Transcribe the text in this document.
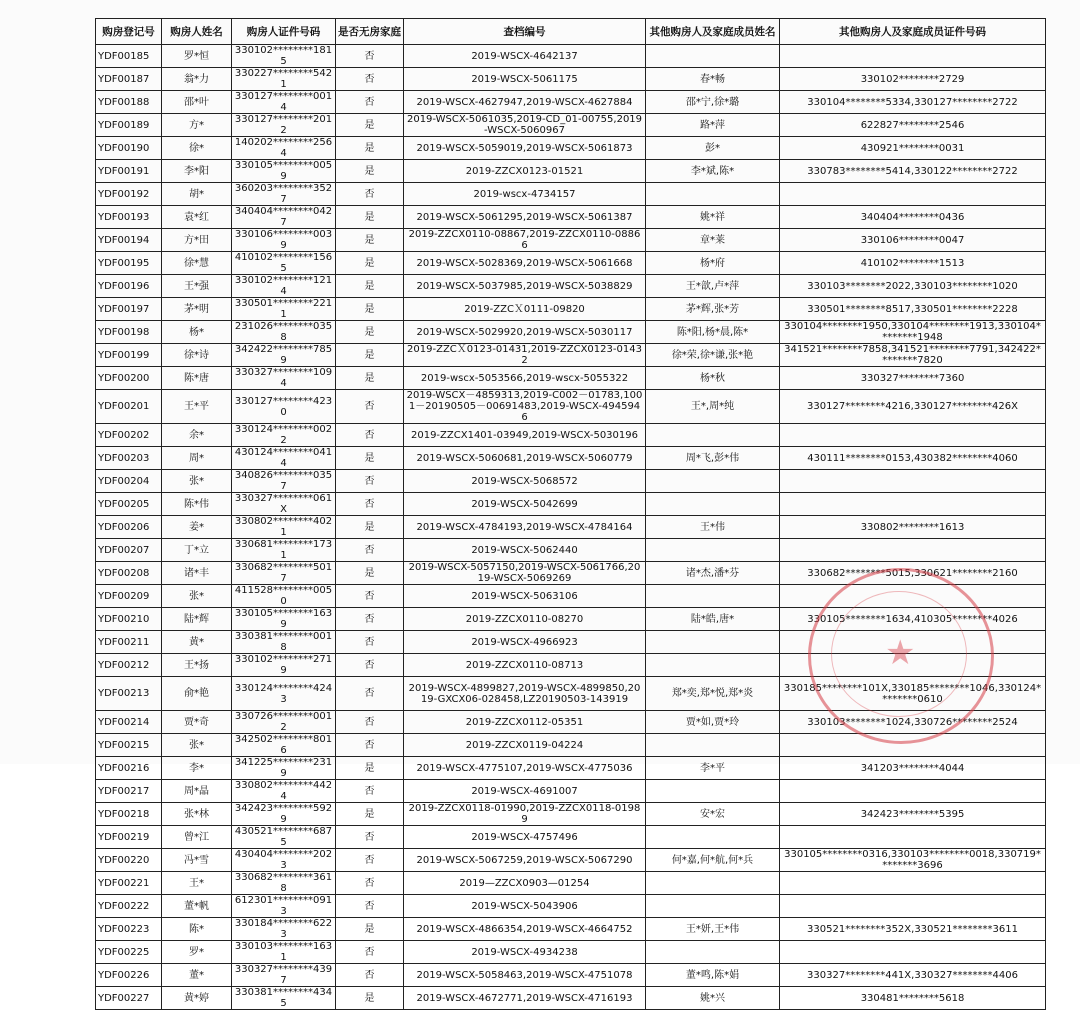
购房登记号	购房人姓名	购房人证件号码	是否无房家庭	查档编号	其他购房人及家庭成员姓名	其他购房人及家庭成员证件号码
YDF00185	罗*恒	330102********1815	否	2019-WSCX-4642137		
YDF00187	翁*力	330227********5421	否	2019-WSCX-5061175	春*畅	330102********2729
YDF00188	邵*叶	330127********0014	否	2019-WSCX-4627947,2019-WSCX-4627884	邵*宁,徐*璐	330104********5334,330127********2722
YDF00189	方*	330127********2012	是	2019-WSCX-5061035,2019-CD_01-00755,2019-WSCX-5060967	路*萍	622827********2546
YDF00190	徐*	140202********2564	是	2019-WSCX-5059019,2019-WSCX-5061873	彭*	430921********0031
YDF00191	李*阳	330105********0059	是	2019-ZZCX0123-01521	李*斌,陈*	330783********5414,330122********2722
YDF00192	胡*	360203********3527	否	2019-wscx-4734157		
YDF00193	袁*红	340404********0427	是	2019-WSCX-5061295,2019-WSCX-5061387	姚*祥	340404********0436
YDF00194	方*田	330106********0039	是	2019-ZZCX0110-08867,2019-ZZCX0110-08866	章*莱	330106********0047
YDF00195	徐*慧	410102********1565	是	2019-WSCX-5028369,2019-WSCX-5061668	杨*府	410102********1513
YDF00196	王*强	330102********1214	是	2019-WSCX-5037985,2019-WSCX-5038829	王*歆,卢*萍	330103********2022,330103********1020
YDF00197	茅*明	330501********2211	是	2019-ZZCＸ0111-09820	茅*辉,张*芳	330501********8517,330501********2228
YDF00198	杨*	231026********0358	是	2019-WSCX-5029920,2019-WSCX-5030117	陈*阳,杨*晨,陈*	330104********1950,330104********1913,330104********1948
YDF00199	徐*诗	342422********7859	是	2019-ZZCＸ0123-01431,2019-ZZCX0123-01432	徐*荣,徐*谦,张*艳	341521********7858,341521********7791,342422********7820
YDF00200	陈*唐	330327********1094	是	2019-wscx-5053566,2019-wscx-5055322	杨*秋	330327********7360
YDF00201	王*平	330127********4230	否	2019-WSCX－4859313,2019-C002－01783,1001－20190505－00691483,2019-WSCX-4945946	王*,周*纯	330127********4216,330127********426X
YDF00202	余*	330124********0022	否	2019-ZZCX1401-03949,2019-WSCX-5030196		
YDF00203	周*	430124********0414	是	2019-WSCX-5060681,2019-WSCX-5060779	周*飞,彭*伟	430111********0153,430382********4060
YDF00204	张*	340826********0357	否	2019-WSCX-5068572		
YDF00205	陈*伟	330327********061X	否	2019-WSCX-5042699		
YDF00206	姜*	330802********4021	是	2019-WSCX-4784193,2019-WSCX-4784164	王*伟	330802********1613
YDF00207	丁*立	330681********1731	否	2019-WSCX-5062440		
YDF00208	诸*丰	330682********5017	是	2019-WSCX-5057150,2019-WSCX-5061766,2019-WSCX-5069269	诸*杰,潘*芬	330682********5015,330621********2160
YDF00209	张*	411528********0050	否	2019-WSCX-5063106		
YDF00210	陆*辉	330105********1639	否	2019-ZZCX0110-08270	陆*皓,唐*	330105********1634,410305********4026
YDF00211	黄*	330381********0018	否	2019-WSCX-4966923		
YDF00212	王*扬	330102********2719	否	2019-ZZCX0110-08713		
YDF00213	俞*艳	330124********4243	否	2019-WSCX-4899827,2019-WSCX-4899850,2019-GXCX06-028458,LZ20190503-143919	郑*奕,郑*悦,郑*炎	330185********101X,330185********1046,330124********0610
YDF00214	贾*奇	330726********0012	否	2019-ZZCX0112-05351	贾*如,贾*玲	330103********1024,330726********2524
YDF00215	张*	342502********8016	否	2019-ZZCX0119-04224		
YDF00216	李*	341225********2319	是	2019-WSCX-4775107,2019-WSCX-4775036	李*平	341203********4044
YDF00217	周*晶	330802********4424	否	2019-WSCX-4691007		
YDF00218	张*林	342423********5929	是	2019-ZZCX0118-01990,2019-ZZCX0118-01989	安*宏	342423********5395
YDF00219	曾*江	430521********6875	否	2019-WSCX-4757496		
YDF00220	冯*雪	430404********2023	否	2019-WSCX-5067259,2019-WSCX-5067290	何*嘉,何*航,何*兵	330105********0316,330103********0018,330719********3696
YDF00221	王*	330682********3618	否	2019—ZZCX0903—01254		
YDF00222	董*帆	612301********0913	否	2019-WSCX-5043906		
YDF00223	陈*	330184********6223	是	2019-WSCX-4866354,2019-WSCX-4664752	王*妍,王*伟	330521********352X,330521********3611
YDF00225	罗*	330103********1631	否	2019-WSCX-4934238		
YDF00226	董*	330327********4397	否	2019-WSCX-5058463,2019-WSCX-4751078	董*鸣,陈*娟	330327********441X,330327********4406
YDF00227	黄*婷	330381********4345	是	2019-WSCX-4672771,2019-WSCX-4716193	姚*兴	330481********5618
★
